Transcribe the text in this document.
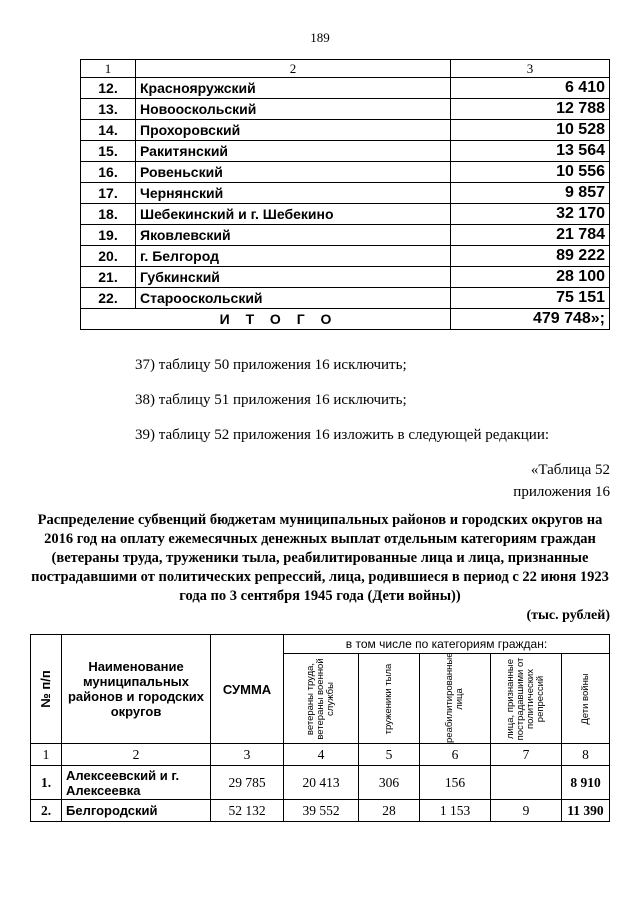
189
1	2	3
12.	Краснояружский	6 410
13.	Новооскольский	12 788
14.	Прохоровский	10 528
15.	Ракитянский	13 564
16.	Ровеньский	10 556
17.	Чернянский	9 857
18.	Шебекинский и г. Шебекино	32 170
19.	Яковлевский	21 784
20.	г. Белгород	89 222
21.	Губкинский	28 100
22.	Старооскольский	75 151
ИТОГО		479 748»;
37) таблицу 50 приложения 16 исключить;
38) таблицу 51 приложения 16 исключить;
39) таблицу 52 приложения 16 изложить в следующей редакции:
«Таблица 52
приложения 16
Распределение субвенций бюджетам муниципальных районов и городских округов на 2016 год на оплату ежемесячных денежных выплат отдельным категориям граждан (ветераны труда, труженики тыла, реабилитированные лица и лица, признанные пострадавшими от политических репрессий, лица, родившиеся в период с 22 июня 1923 года по 3 сентября 1945 года (Дети войны))
(тыс. рублей)
№ п/п	Наименование муниципальных районов и городских округов	СУММА	в том числе по категориям граждан:				

			ветераны труда, ветераны военной службы	труженики тыла	реабилитированные лица	лица, признанные пострадавшими от политических репрессий	Дети войны

1	2	3	4	5	6	7	8
1.	Алексеевский и г. Алексеевка	29 785	20 413	306	156		8 910
2.	Белгородский	52 132	39 552	28	1 153	9	11 390
